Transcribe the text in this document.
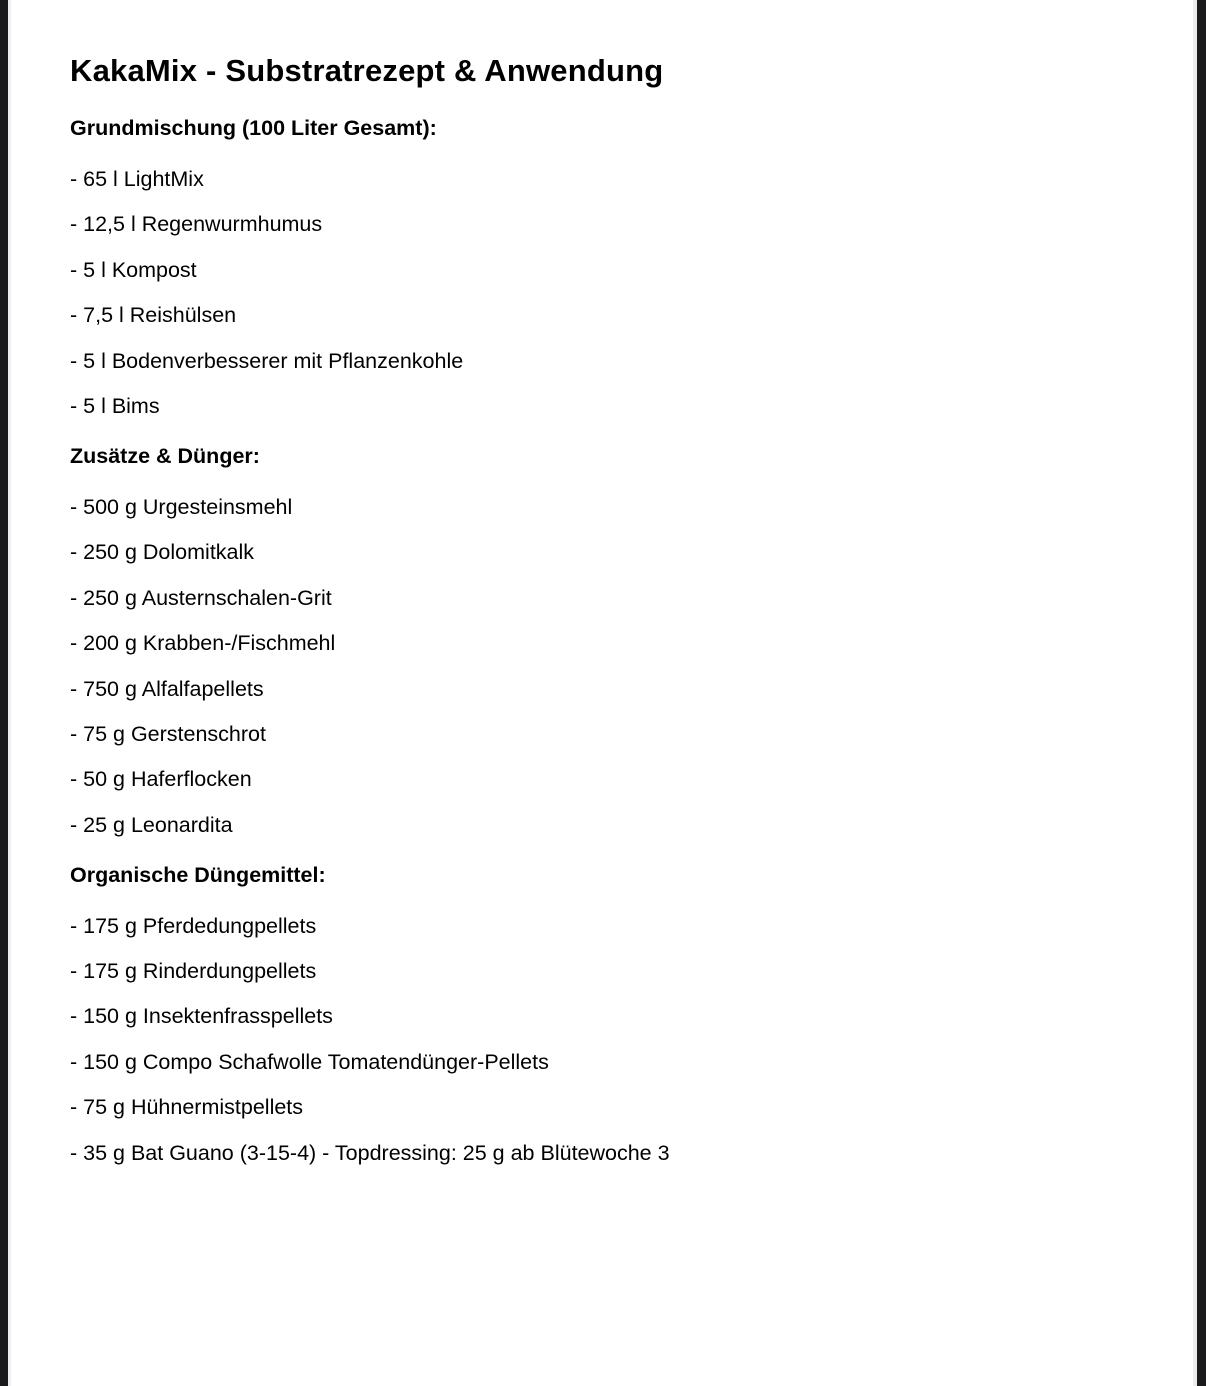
KakaMix - Substratrezept & Anwendung
Grundmischung (100 Liter Gesamt):

- 65 l LightMix

- 12,5 l Regenwurmhumus

- 5 l Kompost

- 7,5 l Reishülsen

- 5 l Bodenverbesserer mit Pflanzenkohle

- 5 l Bims

Zusätze & Dünger:

- 500 g Urgesteinsmehl

- 250 g Dolomitkalk

- 250 g Austernschalen-Grit

- 200 g Krabben-/Fischmehl

- 750 g Alfalfapellets

- 75 g Gerstenschrot

- 50 g Haferflocken

- 25 g Leonardita

Organische Düngemittel:

- 175 g Pferdedungpellets

- 175 g Rinderdungpellets

- 150 g Insektenfrasspellets

- 150 g Compo Schafwolle Tomatendünger-Pellets

- 75 g Hühnermistpellets

- 35 g Bat Guano (3-15-4) - Topdressing: 25 g ab Blütewoche 3
